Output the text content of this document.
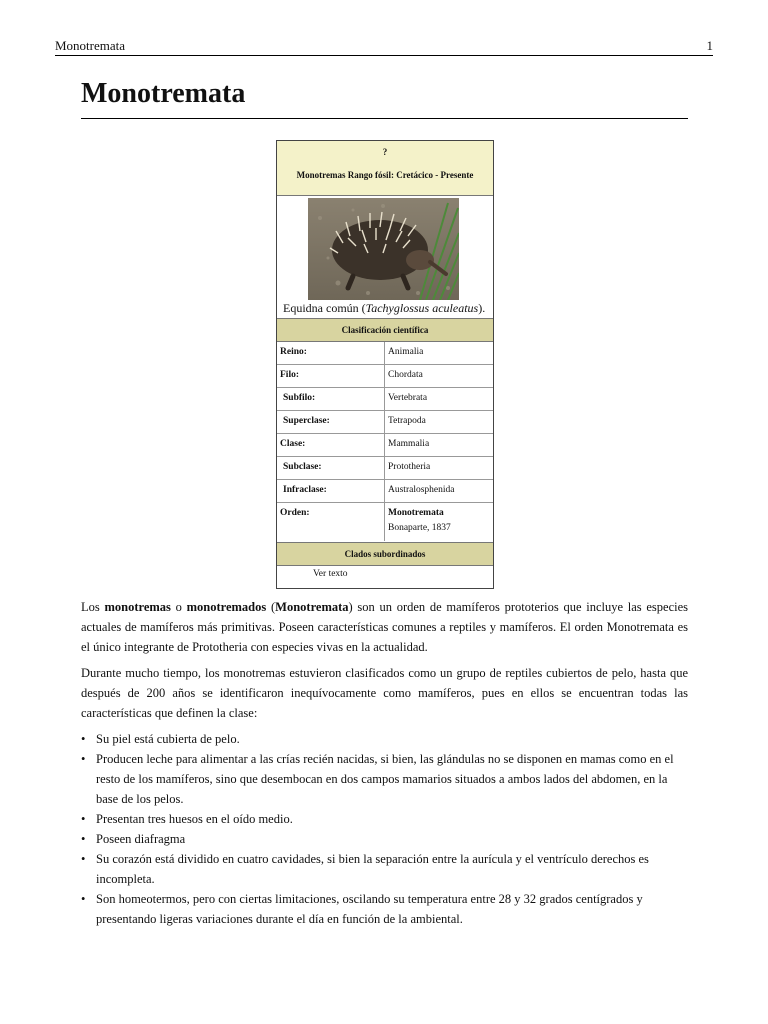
Monotremata	1
Monotremata
?
Monotremas Rango fósil: Cretácico - Presente
Equidna común (Tachyglossus aculeatus).
Clasificación científica
Reino:	Animalia
Filo:	Chordata
Subfilo:	Vertebrata
Superclase:	Tetrapoda
Clase:	Mammalia
Subclase:	Prototheria
Infraclase:	Australosphenida
Orden:	Monotremata
Bonaparte, 1837
Clados subordinados
Ver texto

Los monotremas o monotremados (Monotremata) son un orden de mamíferos prototerios que incluye las especies actuales de mamíferos más primitivas. Poseen características comunes a reptiles y mamíferos. El orden Monotremata es el único integrante de Prototheria con especies vivas en la actualidad.

Durante mucho tiempo, los monotremas estuvieron clasificados como un grupo de reptiles cubiertos de pelo, hasta que después de 200 años se identificaron inequívocamente como mamíferos, pues en ellos se encuentran todas las características que definen la clase:

• Su piel está cubierta de pelo.
• Producen leche para alimentar a las crías recién nacidas, si bien, las glándulas no se disponen en mamas como en el resto de los mamíferos, sino que desembocan en dos campos mamarios situados a ambos lados del abdomen, en la base de los pelos.
• Presentan tres huesos en el oído medio.
• Poseen diafragma
• Su corazón está dividido en cuatro cavidades, si bien la separación entre la aurícula y el ventrículo derechos es incompleta.
• Son homeotermos, pero con ciertas limitaciones, oscilando su temperatura entre 28 y 32 grados centígrados y presentando ligeras variaciones durante el día en función de la ambiental.
